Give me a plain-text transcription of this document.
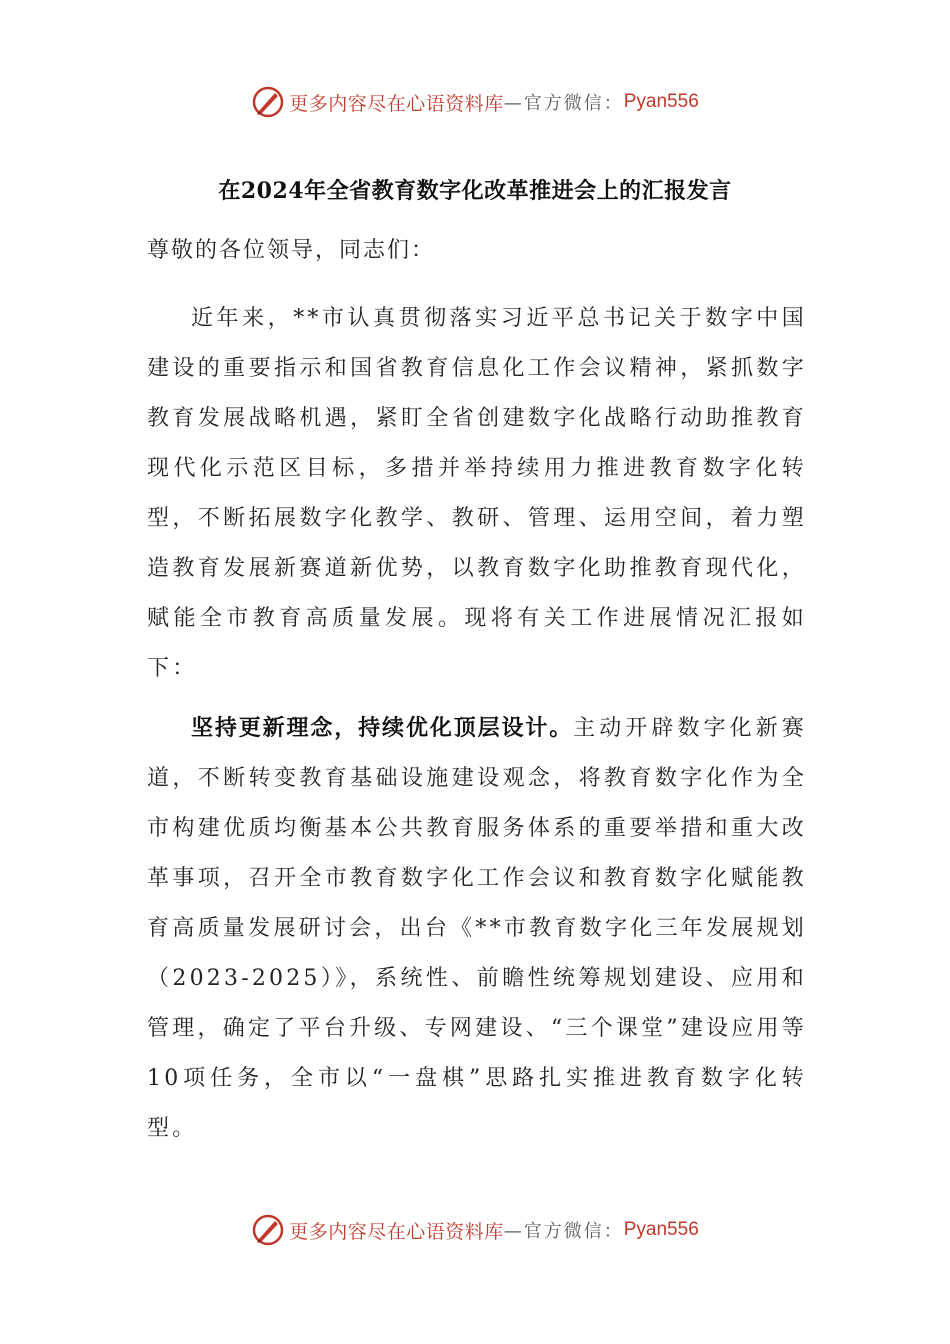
更多内容尽在心语资料库 —官方微信： Pyan556
在2024年全省教育数字化改革推进会上的汇报发言
尊敬的各位领导，同志们：

近年来，**市认真贯彻落实习近平总书记关于数字中国建设的重要指示和国省教育信息化工作会议精神，紧抓数字教育发展战略机遇，紧盯全省创建数字化战略行动助推教育现代化示范区目标，多措并举持续用力推进教育数字化转型，不断拓展数字化教学、教研、管理、运用空间，着力塑造教育发展新赛道新优势，以教育数字化助推教育现代化，赋能全市教育高质量发展。现将有关工作进展情况汇报如下：

坚持更新理念，持续优化顶层设计。主动开辟数字化新赛道，不断转变教育基础设施建设观念，将教育数字化作为全市构建优质均衡基本公共教育服务体系的重要举措和重大改革事项，召开全市教育数字化工作会议和教育数字化赋能教育高质量发展研讨会，出台《**市教育数字化三年发展规划（2023-2025）》，系统性、前瞻性统筹规划建设、应用和管理，确定了平台升级、专网建设、“三个课堂”建设应用等10项任务，全市以“一盘棋”思路扎实推进教育数字化转型。

更多内容尽在心语资料库 —官方微信： Pyan556
